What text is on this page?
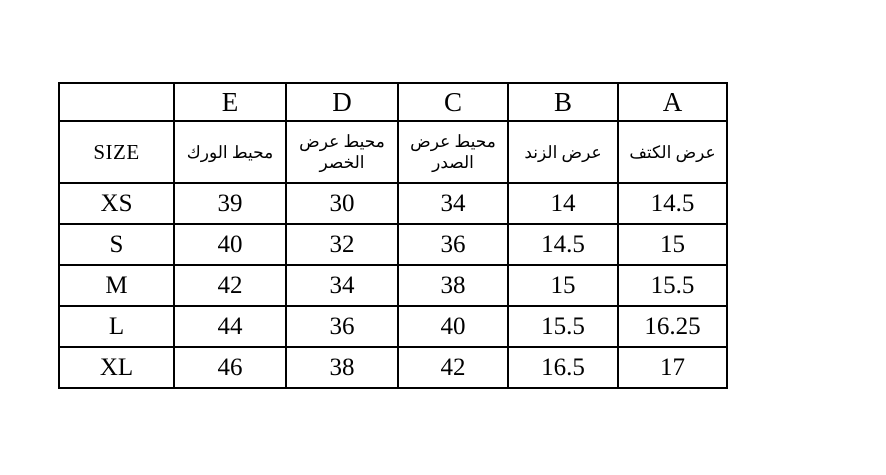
	E	D	C	B	A
SIZE	محيط الورك	محيط عرض الخصر	محيط عرض الصدر	عرض الزند	عرض الكتف
XS	39	30	34	14	14.5
S	40	32	36	14.5	15
M	42	34	38	15	15.5
L	44	36	40	15.5	16.25
XL	46	38	42	16.5	17
